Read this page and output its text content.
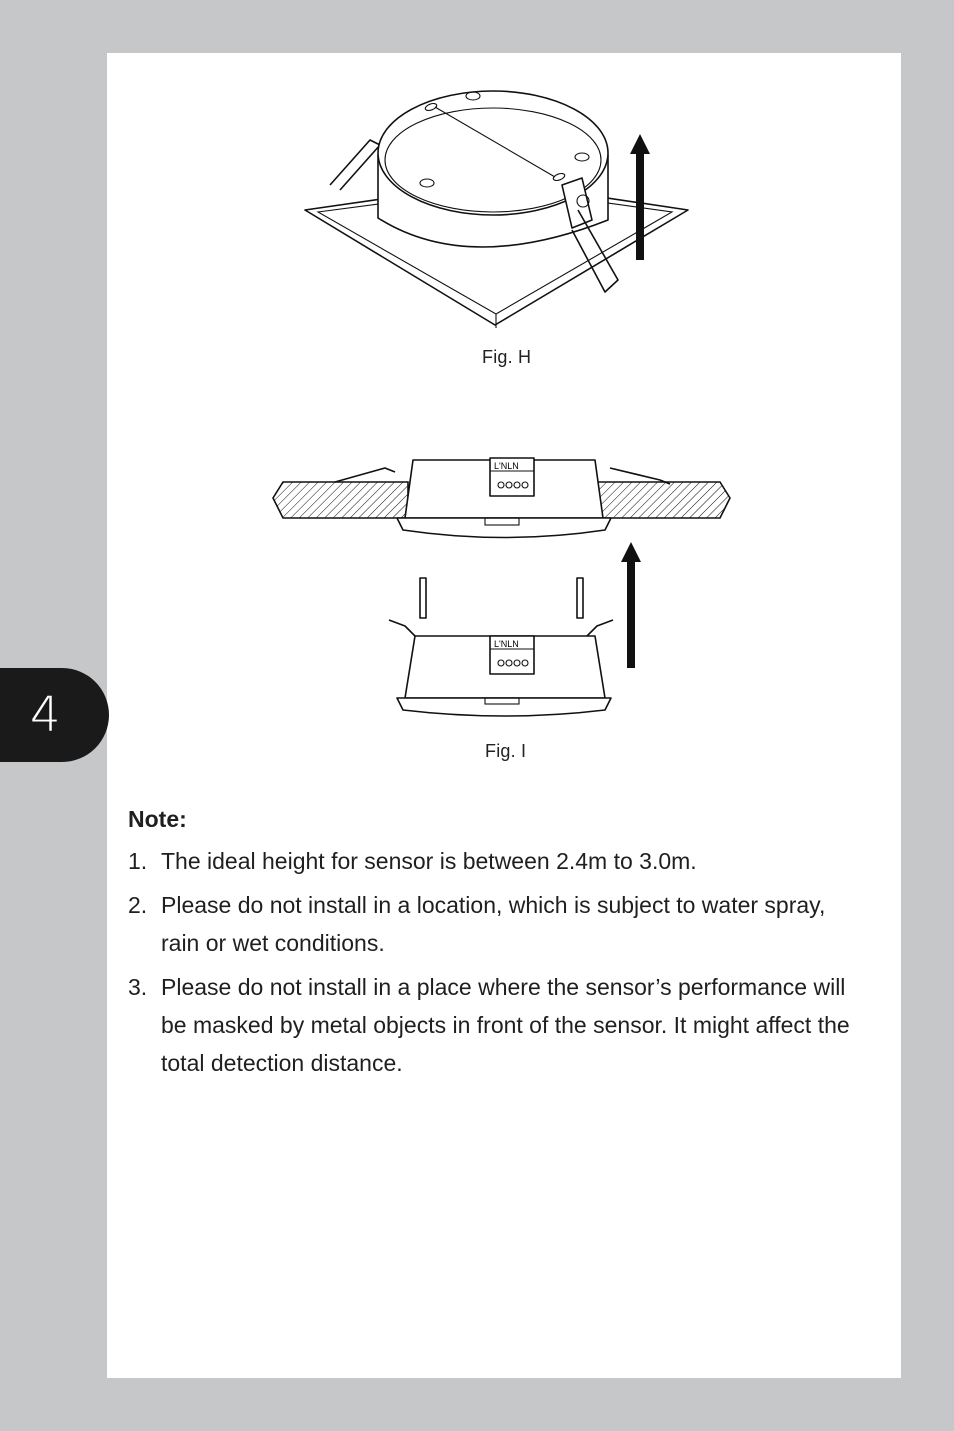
4
Fig. H
L'NLN
L'NLN
Fig. I
Note:
1. The ideal height for sensor is between 2.4m to 3.0m.
2. Please do not install in a location, which is subject to water spray, rain or wet conditions.
3. Please do not install in a place where the sensor’s performance will be masked by metal objects in front of the sensor. It might affect the total detection distance.
